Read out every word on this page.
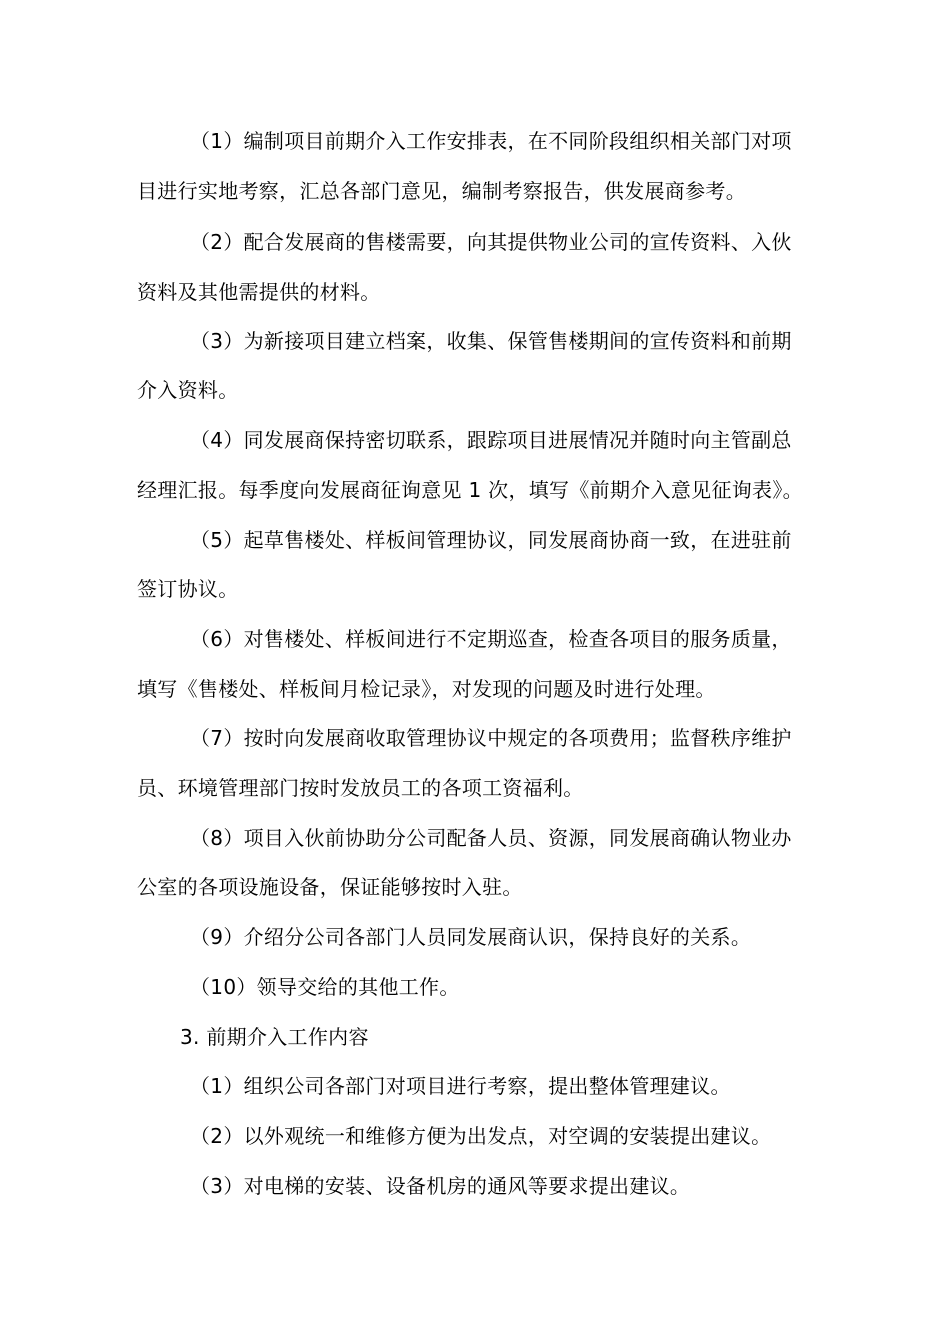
（1）编制项目前期介入工作安排表，在不同阶段组织相关部门对项
目进行实地考察，汇总各部门意见，编制考察报告，供发展商参考。
（2）配合发展商的售楼需要，向其提供物业公司的宣传资料、入伙
资料及其他需提供的材料。
（3）为新接项目建立档案，收集、保管售楼期间的宣传资料和前期
介入资料。
（4）同发展商保持密切联系，跟踪项目进展情况并随时向主管副总
经理汇报。每季度向发展商征询意见 1 次，填写《前期介入意见征询表》。
（5）起草售楼处、样板间管理协议，同发展商协商一致，在进驻前
签订协议。
（6）对售楼处、样板间进行不定期巡查，检查各项目的服务质量，
填写《售楼处、样板间月检记录》，对发现的问题及时进行处理。
（7）按时向发展商收取管理协议中规定的各项费用；监督秩序维护
员、环境管理部门按时发放员工的各项工资福利。
（8）项目入伙前协助分公司配备人员、资源，同发展商确认物业办
公室的各项设施设备，保证能够按时入驻。
（9）介绍分公司各部门人员同发展商认识，保持良好的关系。
（10）领导交给的其他工作。
3. 前期介入工作内容
（1）组织公司各部门对项目进行考察，提出整体管理建议。
（2）以外观统一和维修方便为出发点，对空调的安装提出建议。
（3）对电梯的安装、设备机房的通风等要求提出建议。
